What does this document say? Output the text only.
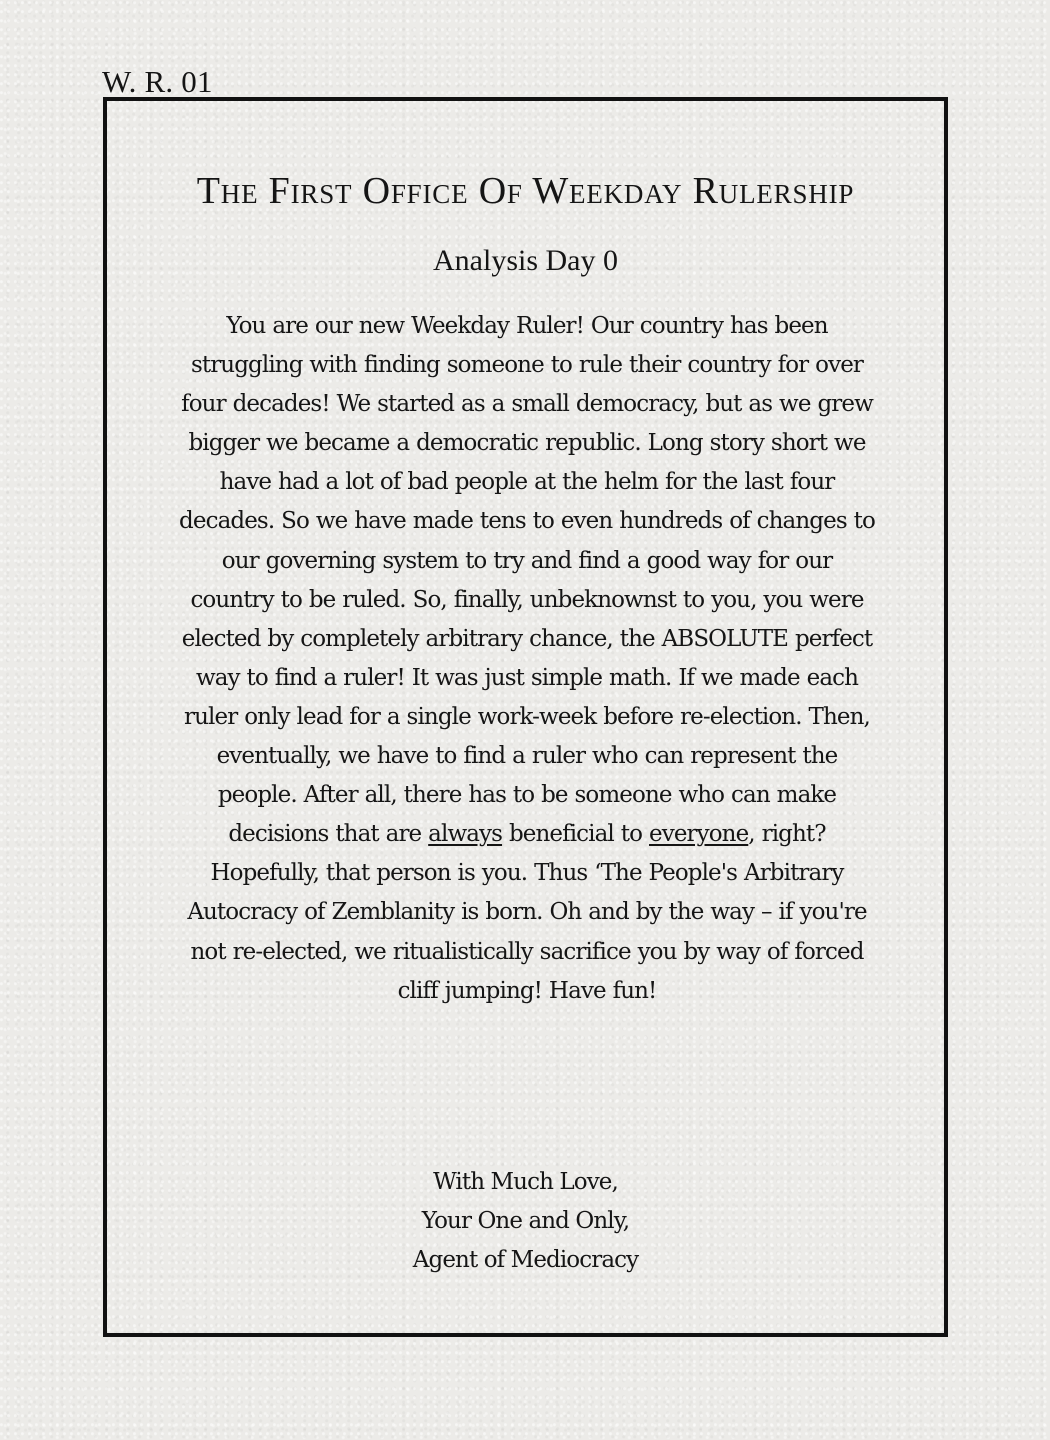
W. R. 01

The First Office Of Weekday Rulership
Analysis Day 0

You are our new Weekday Ruler! Our country has been struggling with finding someone to rule their country for over four decades! We started as a small democracy, but as we grew bigger we became a democratic republic. Long story short we have had a lot of bad people at the helm for the last four decades. So we have made tens to even hundreds of changes to our governing system to try and find a good way for our country to be ruled. So, finally, unbeknownst to you, you were elected by completely arbitrary chance, the ABSOLUTE perfect way to find a ruler! It was just simple math. If we made each ruler only lead for a single work-week before re-election. Then, eventually, we have to find a ruler who can represent the people. After all, there has to be someone who can make decisions that are always beneficial to everyone, right? Hopefully, that person is you. Thus ‘The People's Arbitrary Autocracy of Zemblanity is born. Oh and by the way – if you're not re-elected, we ritualistically sacrifice you by way of forced cliff jumping! Have fun!

With Much Love,
Your One and Only,
Agent of Mediocracy
